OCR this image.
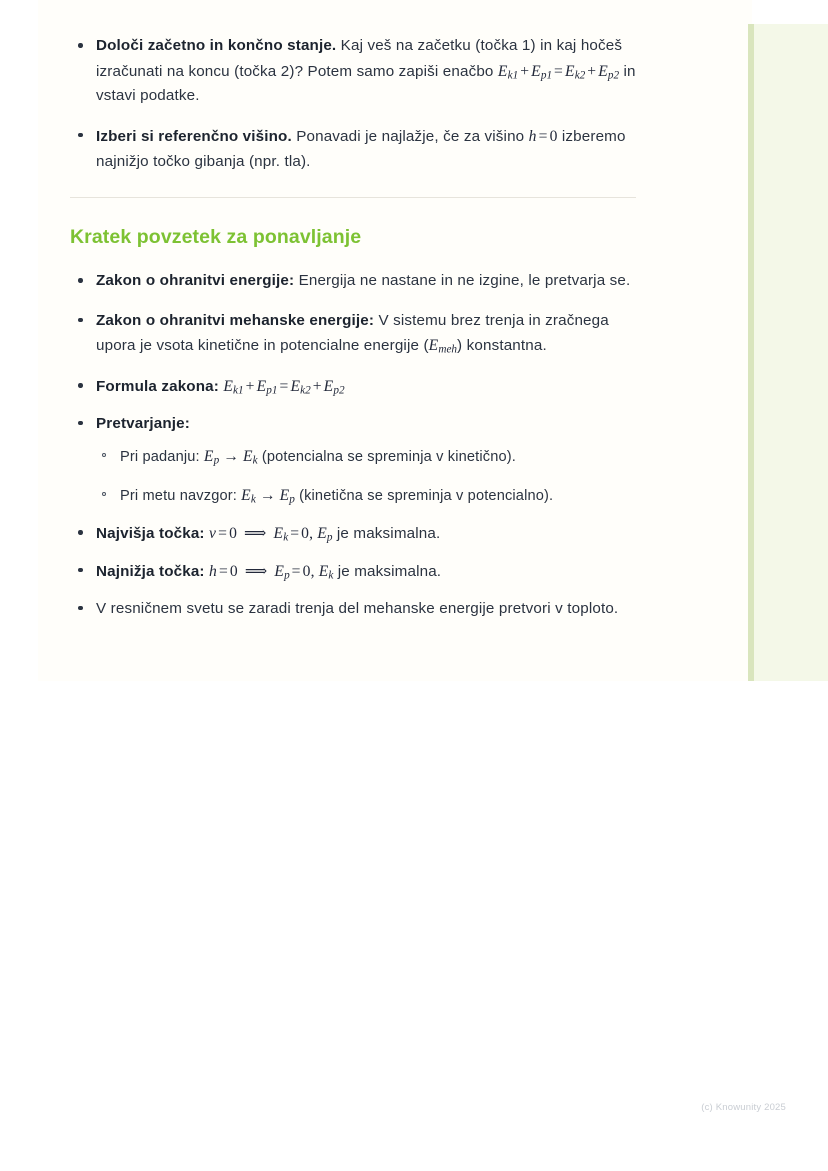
Določi začetno in končno stanje. Kaj veš na začetku (točka 1) in kaj hočeš izračunati na koncu (točka 2)? Potem samo zapiši enačbo $E_{k1} + E_{p1} = E_{k2} + E_{p2}$ in vstavi podatke.
Izberi si referenčno višino. Ponavadi je najlažje, če za višino h = 0 izberemo najnižjo točko gibanja (npr. tla).
Kratek povzetek za ponavljanje
Zakon o ohranitvi energije: Energija ne nastane in ne izgine, le pretvarja se.
Zakon o ohranitvi mehanske energije: V sistemu brez trenja in zračnega upora je vsota kinetične in potencialne energije $(E_{meh})$ konstantna.
Formula zakona: $E_{k1} + E_{p1} = E_{k2} + E_{p2}$
Pretvarjanje:
Pri padanju: $E_p \to E_k$ (potencialna se spreminja v kinetično).
Pri metu navzgor: $E_k \to E_p$ (kinetična se spreminja v potencialno).
Najvišja točka: v = 0 ⟹ $E_k = 0$, $E_p$ je maksimalna.
Najnižja točka: h = 0 ⟹ $E_p = 0$, $E_k$ je maksimalna.
V resničnem svetu se zaradi trenja del mehanske energije pretvori v toploto.
(c) Knowunity 2025
